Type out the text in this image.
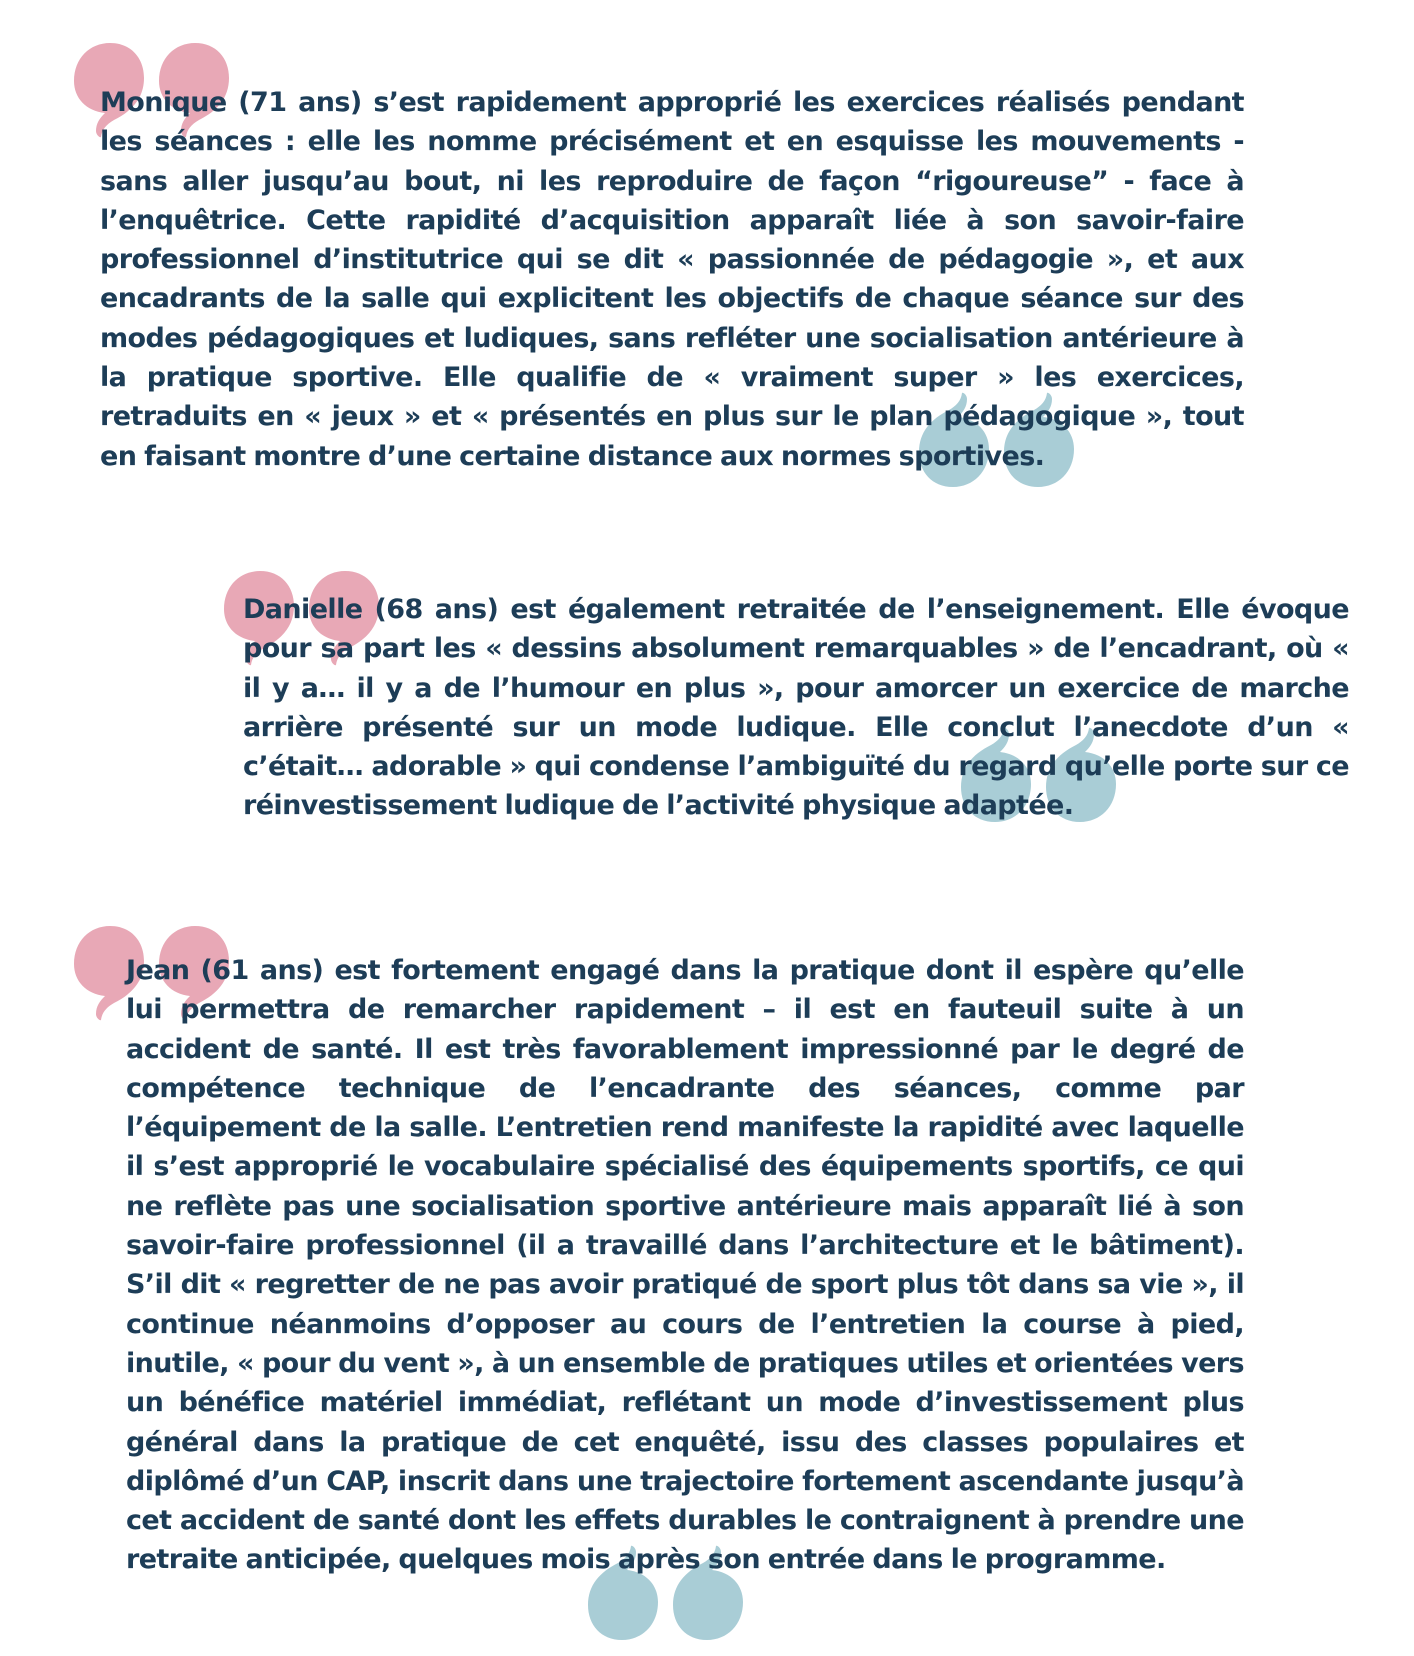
Monique (71 ans) s’est rapidement approprié les exercices réalisés pendant les séances : elle les nomme précisément et en esquisse les mouvements - sans aller jusqu’au bout, ni les reproduire de façon “rigoureuse” - face à l’enquêtrice. Cette rapidité d’acquisition apparaît liée à son savoir-faire professionnel d’institutrice qui se dit « passionnée de pédagogie », et aux encadrants de la salle qui explicitent les objectifs de chaque séance sur des modes pédagogiques et ludiques, sans refléter une socialisation antérieure à la pratique sportive. Elle qualifie de « vraiment super » les exercices, retraduits en « jeux » et « présentés en plus sur le plan pédagogique », tout en faisant montre d’une certaine distance aux normes sportives.

Danielle (68 ans) est également retraitée de l’enseignement. Elle évoque pour sa part les « dessins absolument remarquables » de l’encadrant, où « il y a… il y a de l’humour en plus », pour amorcer un exercice de marche arrière présenté sur un mode ludique. Elle conclut l’anecdote d’un « c’était… adorable » qui condense l’ambiguïté du regard qu’elle porte sur ce réinvestissement ludique de l’activité physique adaptée.

Jean (61 ans) est fortement engagé dans la pratique dont il espère qu’elle lui permettra de remarcher rapidement – il est en fauteuil suite à un accident de santé. Il est très favorablement impressionné par le degré de compétence technique de l’encadrante des séances, comme par l’équipement de la salle. L’entretien rend manifeste la rapidité avec laquelle il s’est approprié le vocabulaire spécialisé des équipements sportifs, ce qui ne reflète pas une socialisation sportive antérieure mais apparaît lié à son savoir-faire professionnel (il a travaillé dans l’architecture et le bâtiment). S’il dit « regretter de ne pas avoir pratiqué de sport plus tôt dans sa vie », il continue néanmoins d’opposer au cours de l’entretien la course à pied, inutile, « pour du vent », à un ensemble de pratiques utiles et orientées vers un bénéfice matériel immédiat, reflétant un mode d’investissement plus général dans la pratique de cet enquêté, issu des classes populaires et diplômé d’un CAP, inscrit dans une trajectoire fortement ascendante jusqu’à cet accident de santé dont les effets durables le contraignent à prendre une retraite anticipée, quelques mois après son entrée dans le programme.
